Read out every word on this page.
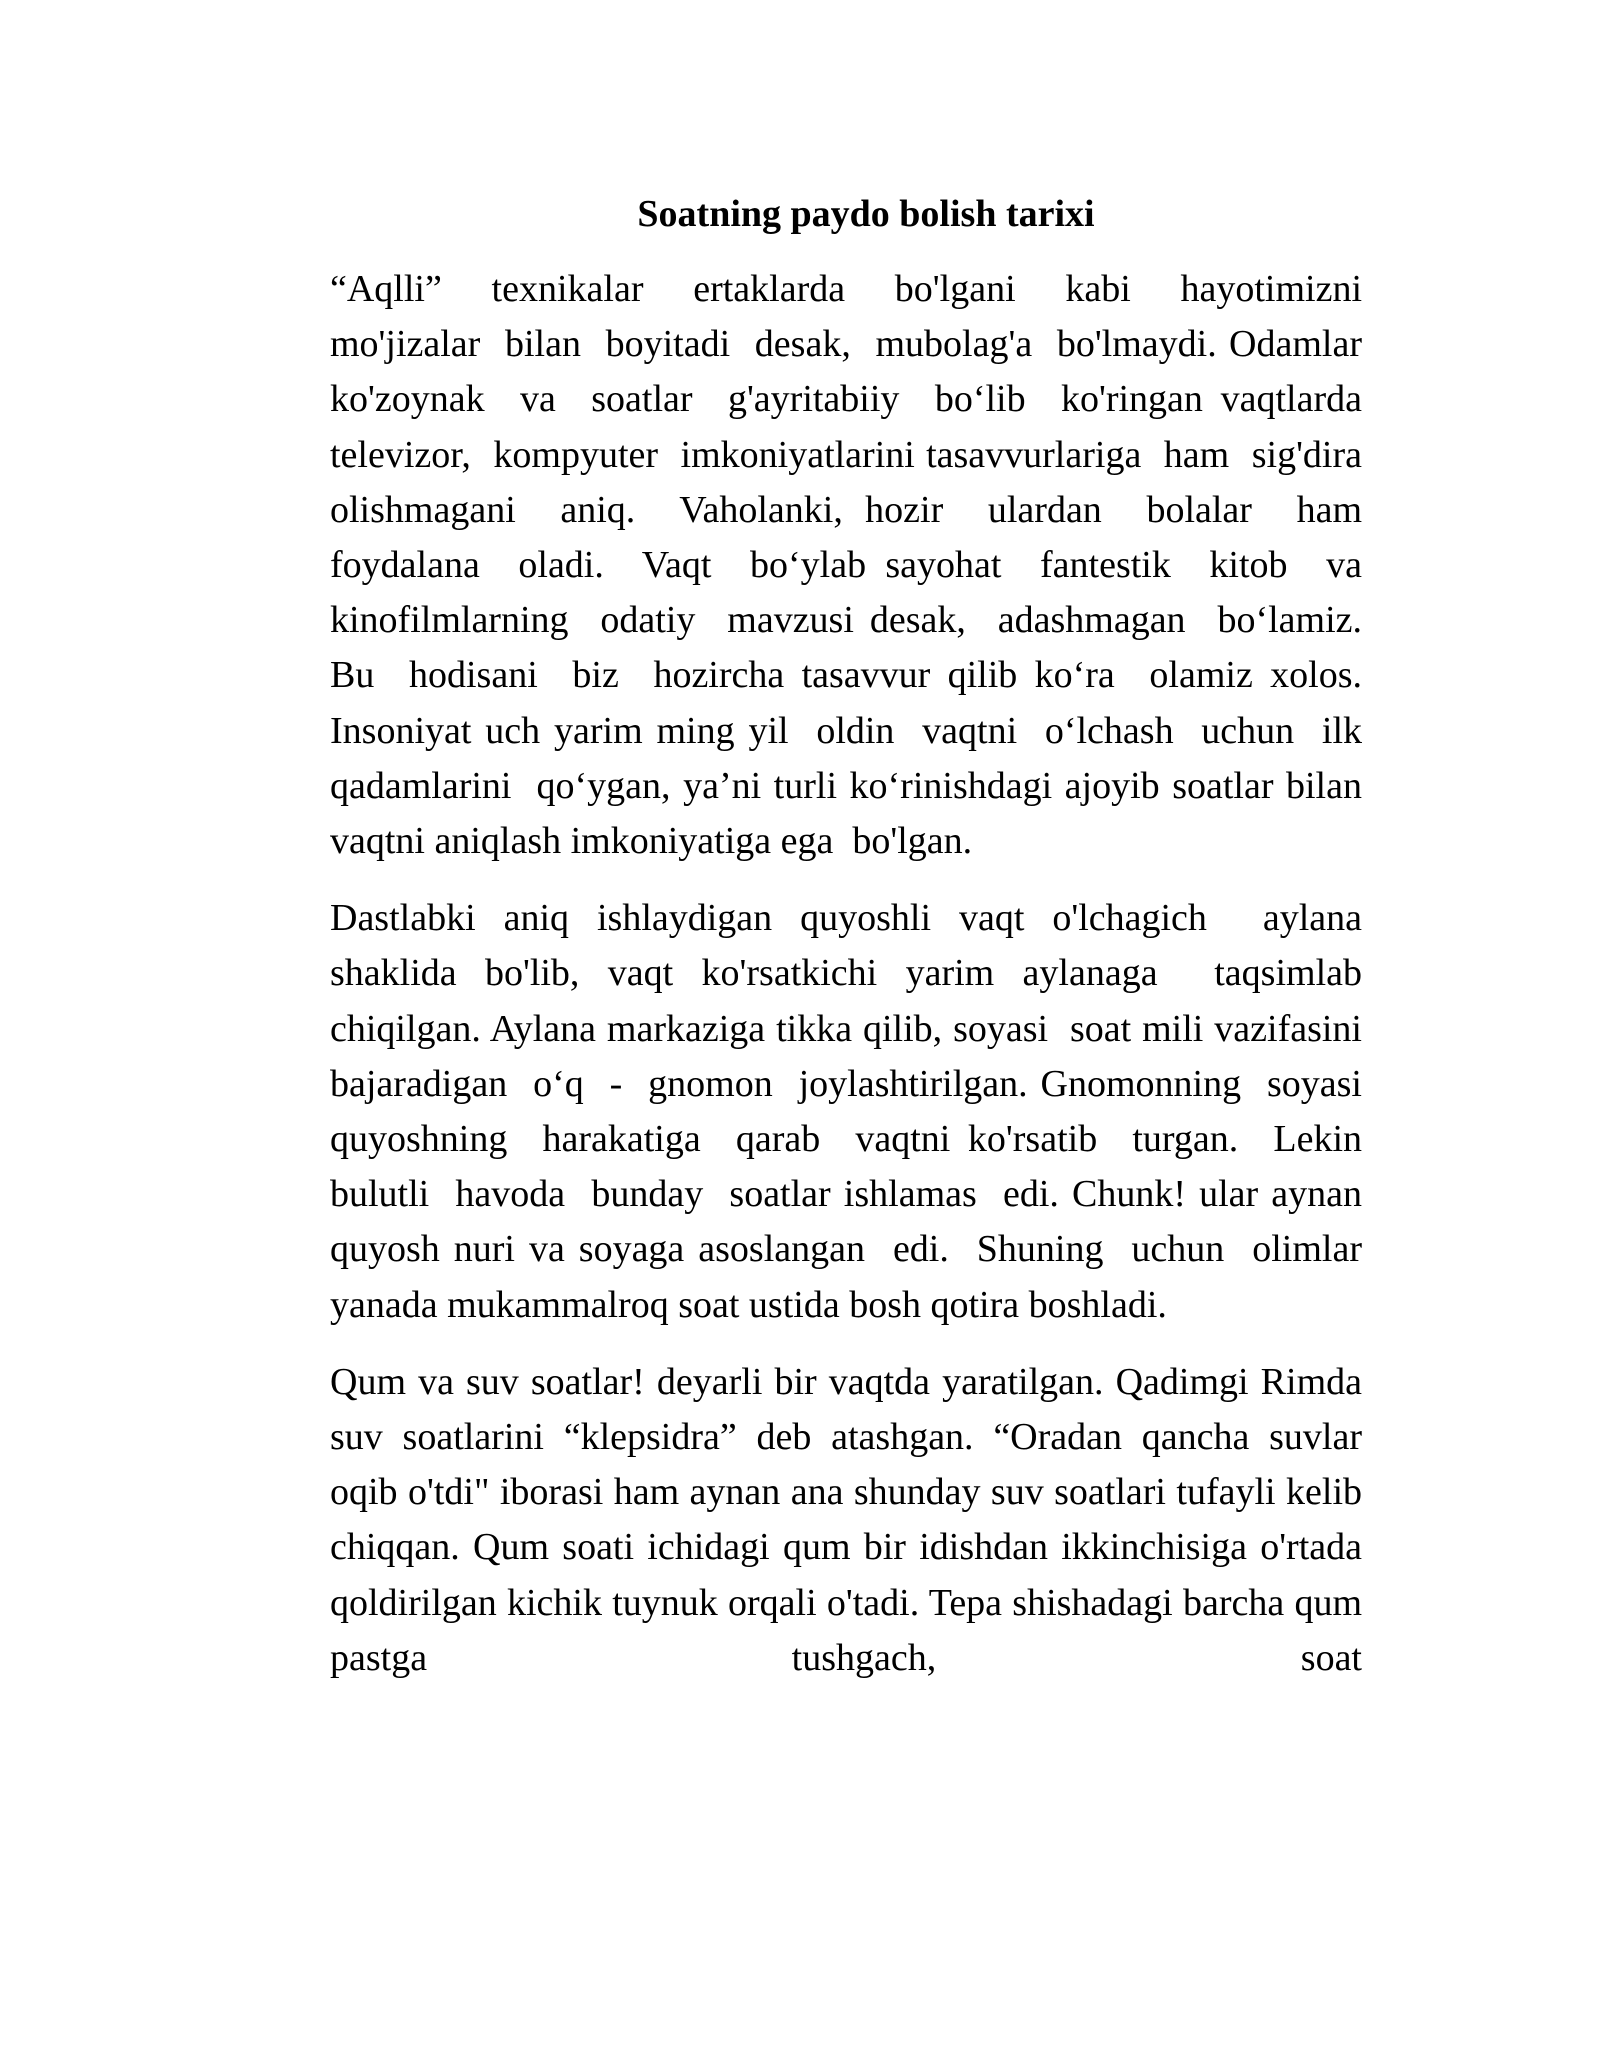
Soatning paydo bolish tarixi

“Aqlli”  texnikalar  ertaklarda  bo'lgani  kabi  hayotimizni mo'jizalar  bilan  boyitadi  desak,  mubolag'a  bo'lmaydi. Odamlar  ko'zoynak  va  soatlar  g'ayritabiiy  bo‘lib  ko'ringan vaqtlarda  televizor,  kompyuter  imkoniyatlarini tasavvurlariga  ham  sig'dira  olishmagani  aniq.  Vaholanki, hozir  ulardan  bolalar  ham  foydalana  oladi.  Vaqt  bo‘ylab sayohat  fantestik  kitob  va  kinofilmlarning  odatiy  mavzusi desak,  adashmagan  bo‘lamiz.  Bu  hodisani  biz  hozircha tasavvur qilib ko‘ra  olamiz xolos. Insoniyat uch yarim ming yil  oldin  vaqtni  o‘lchash  uchun  ilk  qadamlarini  qo‘ygan, ya’ni turli ko‘rinishdagi ajoyib soatlar bilan vaqtni aniqlash imkoniyatiga ega  bo'lgan.

Dastlabki aniq ishlaydigan quyoshli vaqt o'lchagich  aylana shaklida bo'lib, vaqt ko'rsatkichi yarim aylanaga  taqsimlab chiqilgan. Aylana markaziga tikka qilib, soyasi  soat mili vazifasini  bajaradigan  o‘q  -  gnomon  joylashtirilgan. Gnomonning  soyasi  quyoshning  harakatiga  qarab  vaqtni ko'rsatib  turgan.  Lekin  bulutli  havoda  bunday  soatlar ishlamas  edi. Chunk! ular aynan quyosh nuri va soyaga asoslangan  edi.  Shuning  uchun  olimlar  yanada mukammalroq soat ustida bosh qotira boshladi.

Qum va suv soatlar! deyarli bir vaqtda yaratilgan. Qadimgi Rimda suv soatlarini “klepsidra” deb atashgan. “Oradan qancha suvlar oqib o'tdi" iborasi ham aynan ana shunday suv soatlari tufayli kelib chiqqan. Qum soati ichidagi qum bir idishdan ikkinchisiga o'rtada qoldirilgan kichik tuynuk orqali o'tadi. Tepa shishadagi barcha qum pastga tushgach, soat
